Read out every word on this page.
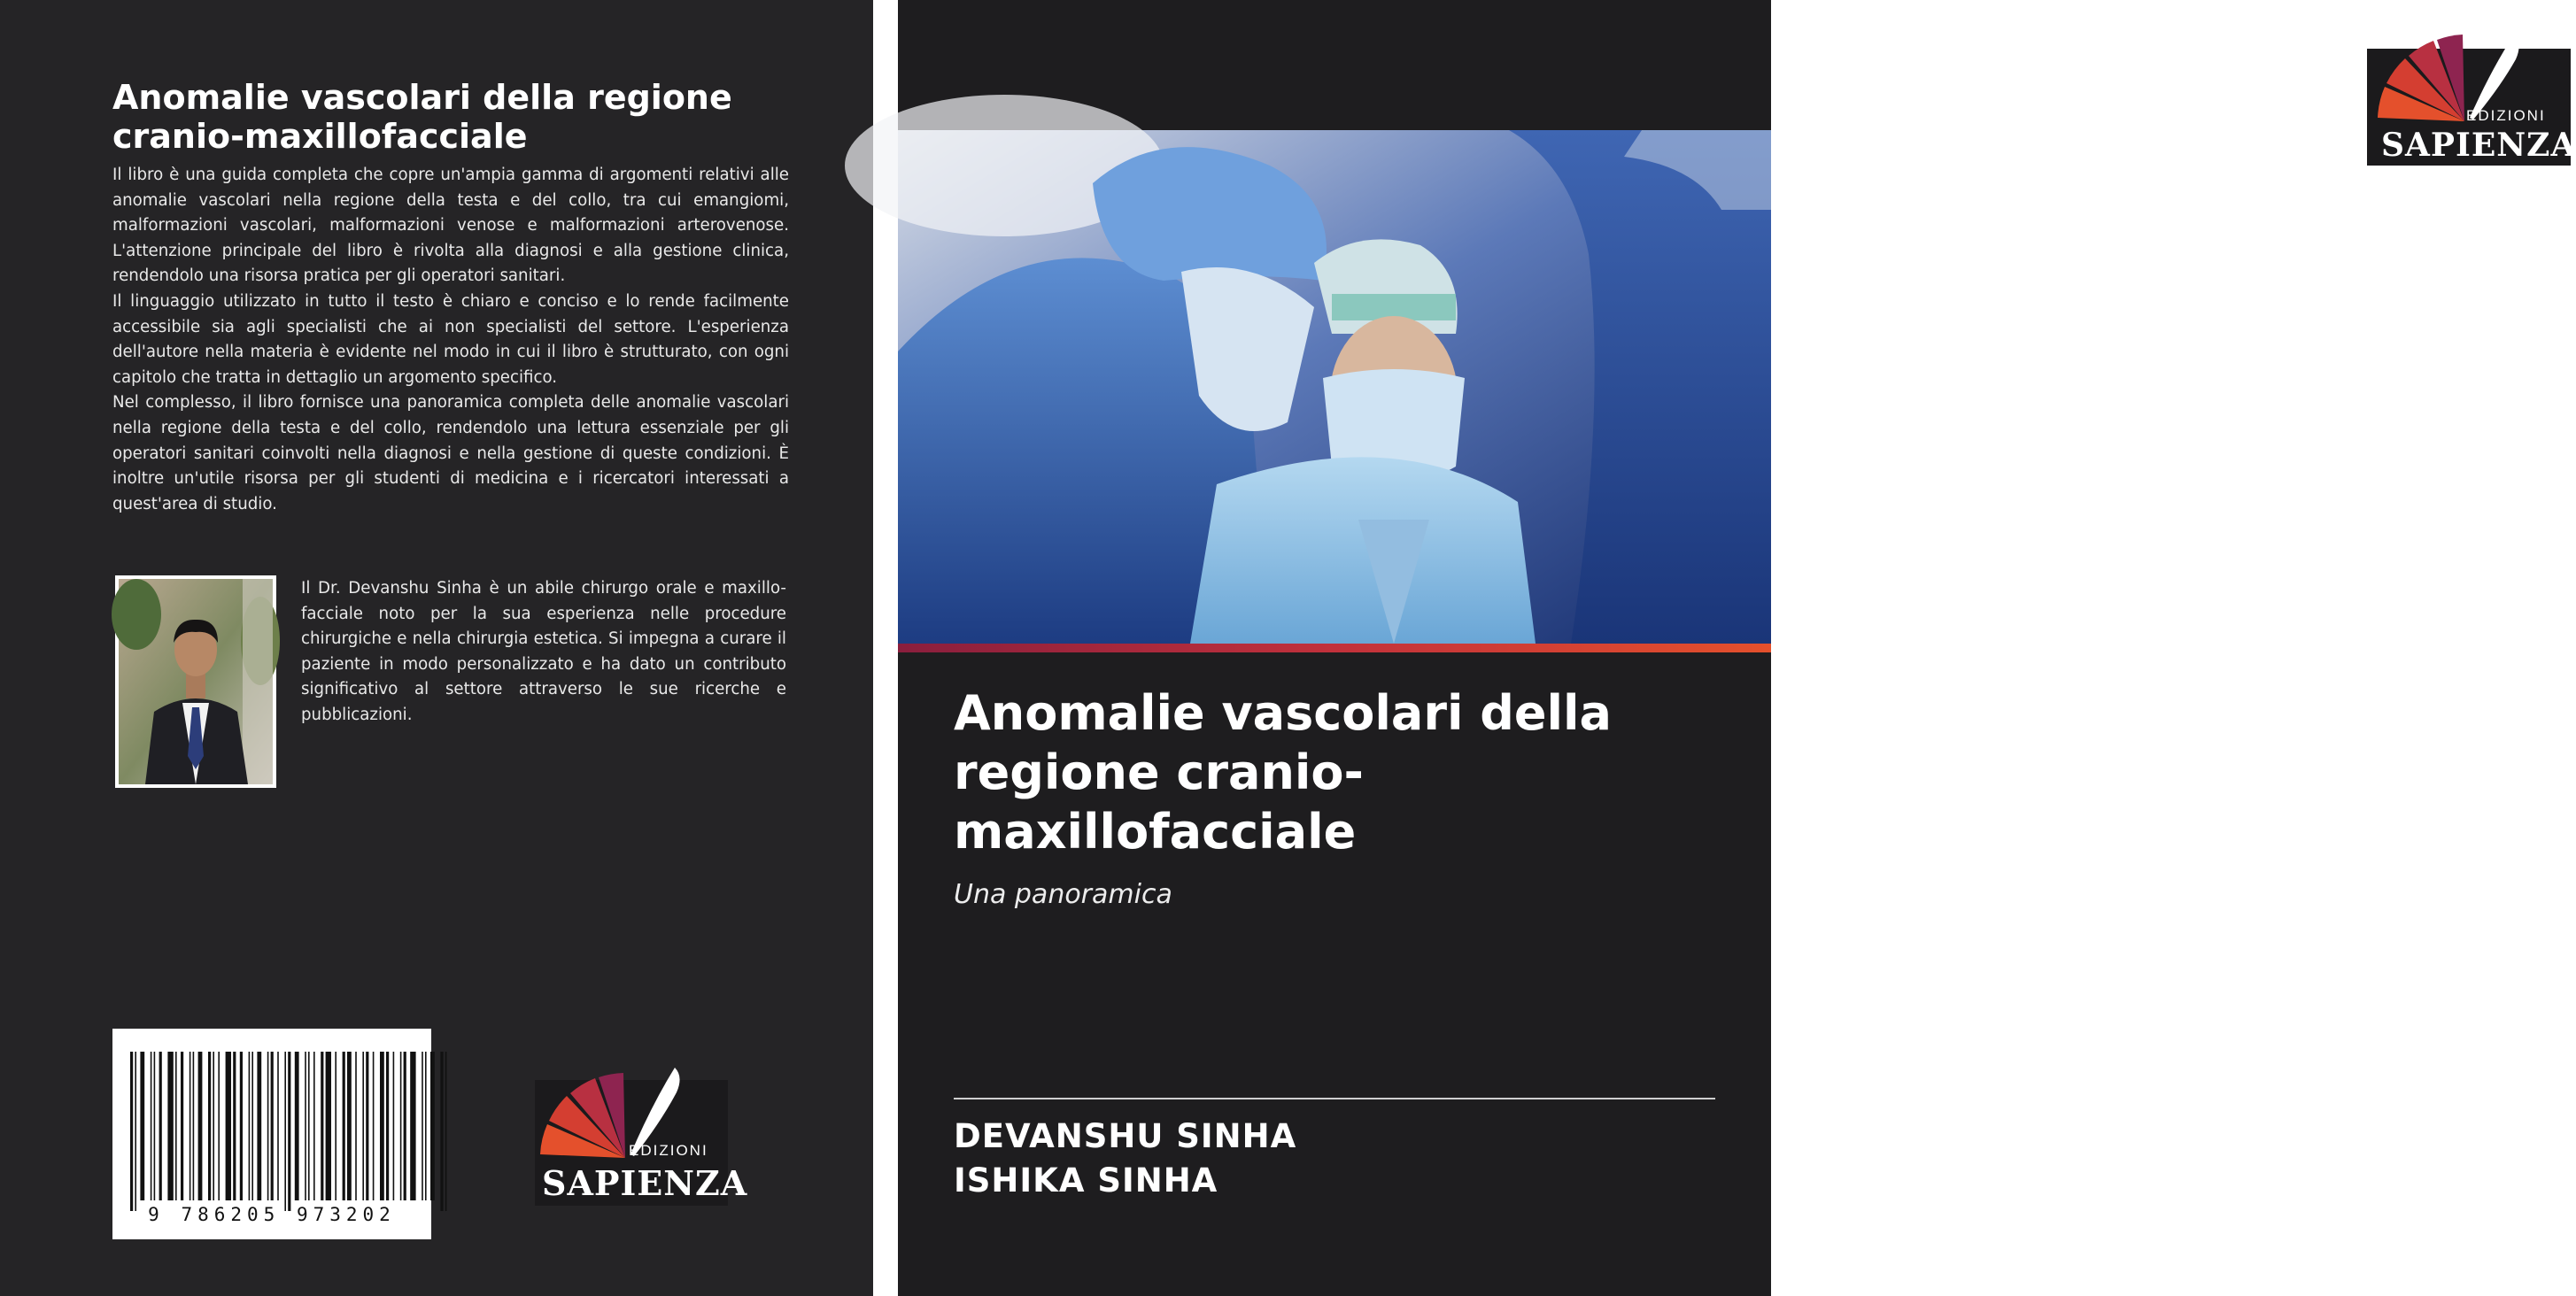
Anomalie vascolari della regione cranio-maxillofacciale

Il libro è una guida completa che copre un'ampia gamma di argomenti relativi alle anomalie vascolari nella regione della testa e del collo, tra cui emangiomi, malformazioni vascolari, malformazioni venose e malformazioni arterovenose. L'attenzione principale del libro è rivolta alla diagnosi e alla gestione clinica, rendendolo una risorsa pratica per gli operatori sanitari.

Il linguaggio utilizzato in tutto il testo è chiaro e conciso e lo rende facilmente accessibile sia agli specialisti che ai non specialisti del settore. L'esperienza dell'autore nella materia è evidente nel modo in cui il libro è strutturato, con ogni capitolo che tratta in dettaglio un argomento specifico.

Nel complesso, il libro fornisce una panoramica completa delle anomalie vascolari nella regione della testa e del collo, rendendolo una lettura essenziale per gli operatori sanitari coinvolti nella diagnosi e nella gestione di queste condizioni. È inoltre un'utile risorsa per gli studenti di medicina e i ricercatori interessati a quest'area di studio.

Il Dr. Devanshu Sinha è un abile chirurgo orale e maxillo-facciale noto per la sua esperienza nelle procedure chirurgiche e nella chirurgia estetica. Si impegna a curare il paziente in modo personalizzato e ha dato un contributo significativo al settore attraverso le sue ricerche e pubblicazioni.

9 786205 973202
EDIZIONI
SAPIENZA
EDIZIONI
SAPIENZA
Anomalie vascolari della regione cranio-maxillofacciale

Una panoramica

DEVANSHU SINHA

ISHIKA SINHA
